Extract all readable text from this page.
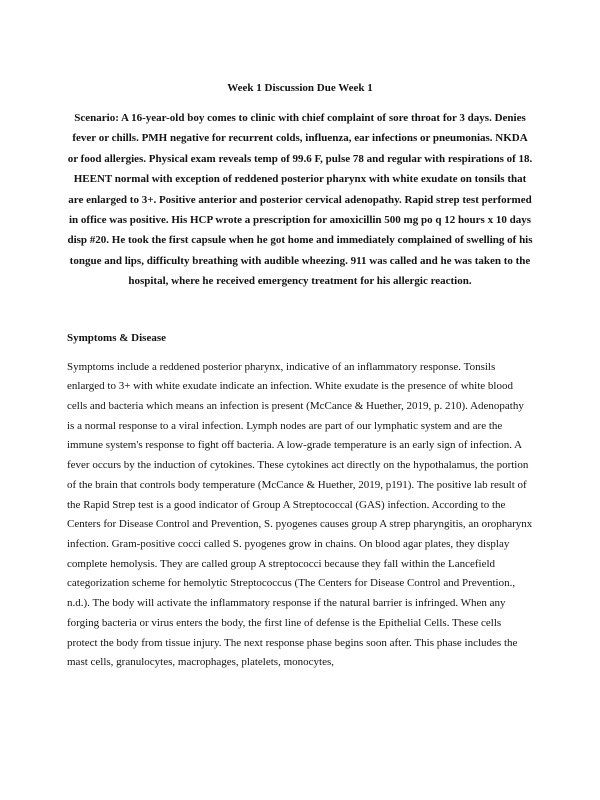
Week 1 Discussion Due Week 1

Scenario: A 16-year-old boy comes to clinic with chief complaint of sore throat for 3 days. Denies fever or chills. PMH negative for recurrent colds, influenza, ear infections or pneumonias. NKDA or food allergies. Physical exam reveals temp of 99.6 F, pulse 78 and regular with respirations of 18. HEENT normal with exception of reddened posterior pharynx with white exudate on tonsils that are enlarged to 3+. Positive anterior and posterior cervical adenopathy. Rapid strep test performed in office was positive. His HCP wrote a prescription for amoxicillin 500 mg po q 12 hours x 10 days disp #20. He took the first capsule when he got home and immediately complained of swelling of his tongue and lips, difficulty breathing with audible wheezing. 911 was called and he was taken to the hospital, where he received emergency treatment for his allergic reaction.

Symptoms & Disease

Symptoms include a reddened posterior pharynx, indicative of an inflammatory response. Tonsils enlarged to 3+ with white exudate indicate an infection. White exudate is the presence of white blood cells and bacteria which means an infection is present (McCance & Huether, 2019, p. 210). Adenopathy is a normal response to a viral infection. Lymph nodes are part of our lymphatic system and are the immune system's response to fight off bacteria. A low-grade temperature is an early sign of infection. A fever occurs by the induction of cytokines. These cytokines act directly on the hypothalamus, the portion of the brain that controls body temperature (McCance & Huether, 2019, p191). The positive lab result of the Rapid Strep test is a good indicator of Group A Streptococcal (GAS) infection. According to the Centers for Disease Control and Prevention, S. pyogenes causes group A strep pharyngitis, an oropharynx infection. Gram-positive cocci called S. pyogenes grow in chains. On blood agar plates, they display complete hemolysis. They are called group A streptococci because they fall within the Lancefield categorization scheme for hemolytic Streptococcus (The Centers for Disease Control and Prevention., n.d.). The body will activate the inflammatory response if the natural barrier is infringed. When any forging bacteria or virus enters the body, the first line of defense is the Epithelial Cells. These cells protect the body from tissue injury. The next response phase begins soon after. This phase includes the mast cells, granulocytes, macrophages, platelets, monocytes,
